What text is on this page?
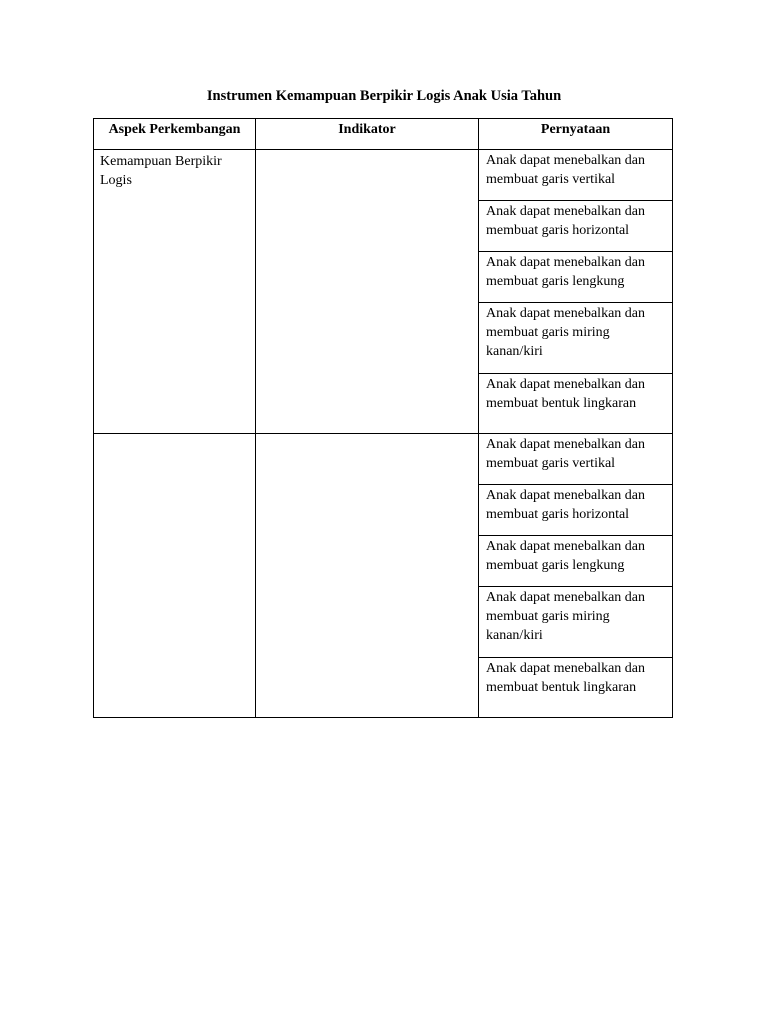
Instrumen Kemampuan Berpikir Logis Anak Usia Tahun
Aspek Perkembangan	Indikator	Pernyataan

Kemampuan Berpikir Logis		Anak dapat menebalkan dan membuat garis vertikal

		Anak dapat menebalkan dan membuat garis horizontal

		Anak dapat menebalkan dan membuat garis lengkung

		Anak dapat menebalkan dan membuat garis miring kanan/kiri

		Anak dapat menebalkan dan membuat bentuk lingkaran

		Anak dapat menebalkan dan membuat garis vertikal

		Anak dapat menebalkan dan membuat garis horizontal

		Anak dapat menebalkan dan membuat garis lengkung

		Anak dapat menebalkan dan membuat garis miring kanan/kiri

		Anak dapat menebalkan dan membuat bentuk lingkaran
